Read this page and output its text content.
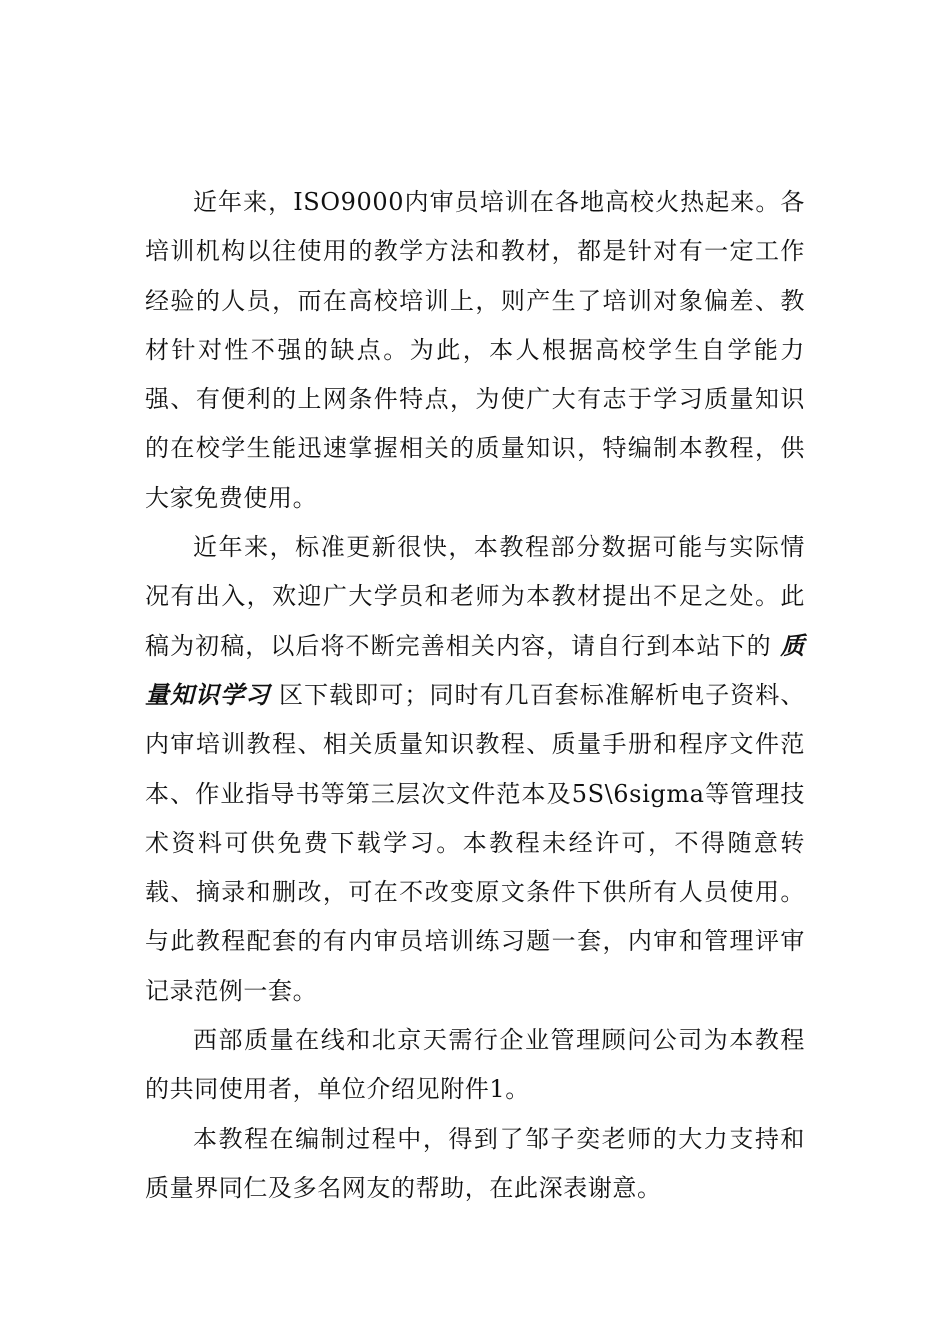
近年来，ISO9000内审员培训在各地高校火热起来。各培训机构以往使用的教学方法和教材，都是针对有一定工作经验的人员，而在高校培训上，则产生了培训对象偏差、教材针对性不强的缺点。为此，本人根据高校学生自学能力强、有便利的上网条件特点，为使广大有志于学习质量知识的在校学生能迅速掌握相关的质量知识，特编制本教程，供大家免费使用。

近年来，标准更新很快，本教程部分数据可能与实际情况有出入，欢迎广大学员和老师为本教材提出不足之处。此稿为初稿，以后将不断完善相关内容，请自行到本站下的 质量知识学习 区下载即可；同时有几百套标准解析电子资料、内审培训教程、相关质量知识教程、质量手册和程序文件范本、作业指导书等第三层次文件范本及5S\6sigma等管理技术资料可供免费下载学习。本教程未经许可，不得随意转载、摘录和删改，可在不改变原文条件下供所有人员使用。与此教程配套的有内审员培训练习题一套，内审和管理评审记录范例一套。

西部质量在线和北京天需行企业管理顾问公司为本教程的共同使用者，单位介绍见附件1。

本教程在编制过程中，得到了邹子奕老师的大力支持和质量界同仁及多名网友的帮助，在此深表谢意。
